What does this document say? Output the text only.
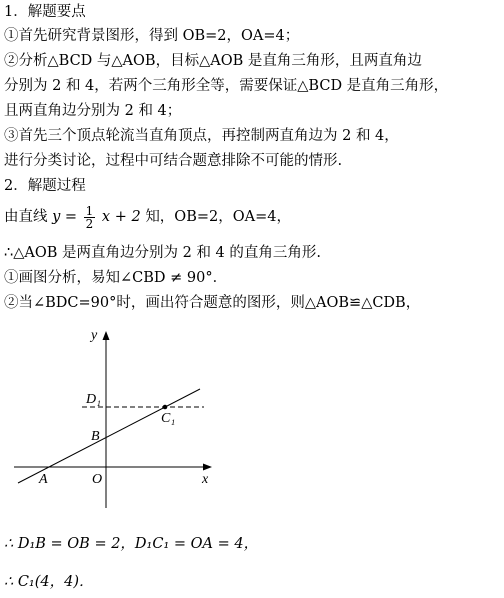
1．解题要点
①首先研究背景图形，得到 OB=2，OA=4；
②分析△BCD 与△AOB，目标△AOB 是直角三角形，且两直角边
分别为 2 和 4，若两个三角形全等，需要保证△BCD 是直角三角形，
且两直角边分别为 2 和 4；
③首先三个顶点轮流当直角顶点，再控制两直角边为 2 和 4，
进行分类讨论，过程中可结合题意排除不可能的情形.
2．解题过程
由直线 $y = \frac{1}{2}$ x + 2 知，OB=2，OA=4，
∴△AOB 是两直角边分别为 2 和 4 的直角三角形.
①画图分析，易知∠CBD ≠ 90°．
②当∠BDC=90°时，画出符合题意的图形，则△AOB≌△CDB，
y
x
O
A
B
D₁
C₁
∴ D₁B = OB = 2，D₁C₁ = OA = 4，
∴ C₁(4，4)．
